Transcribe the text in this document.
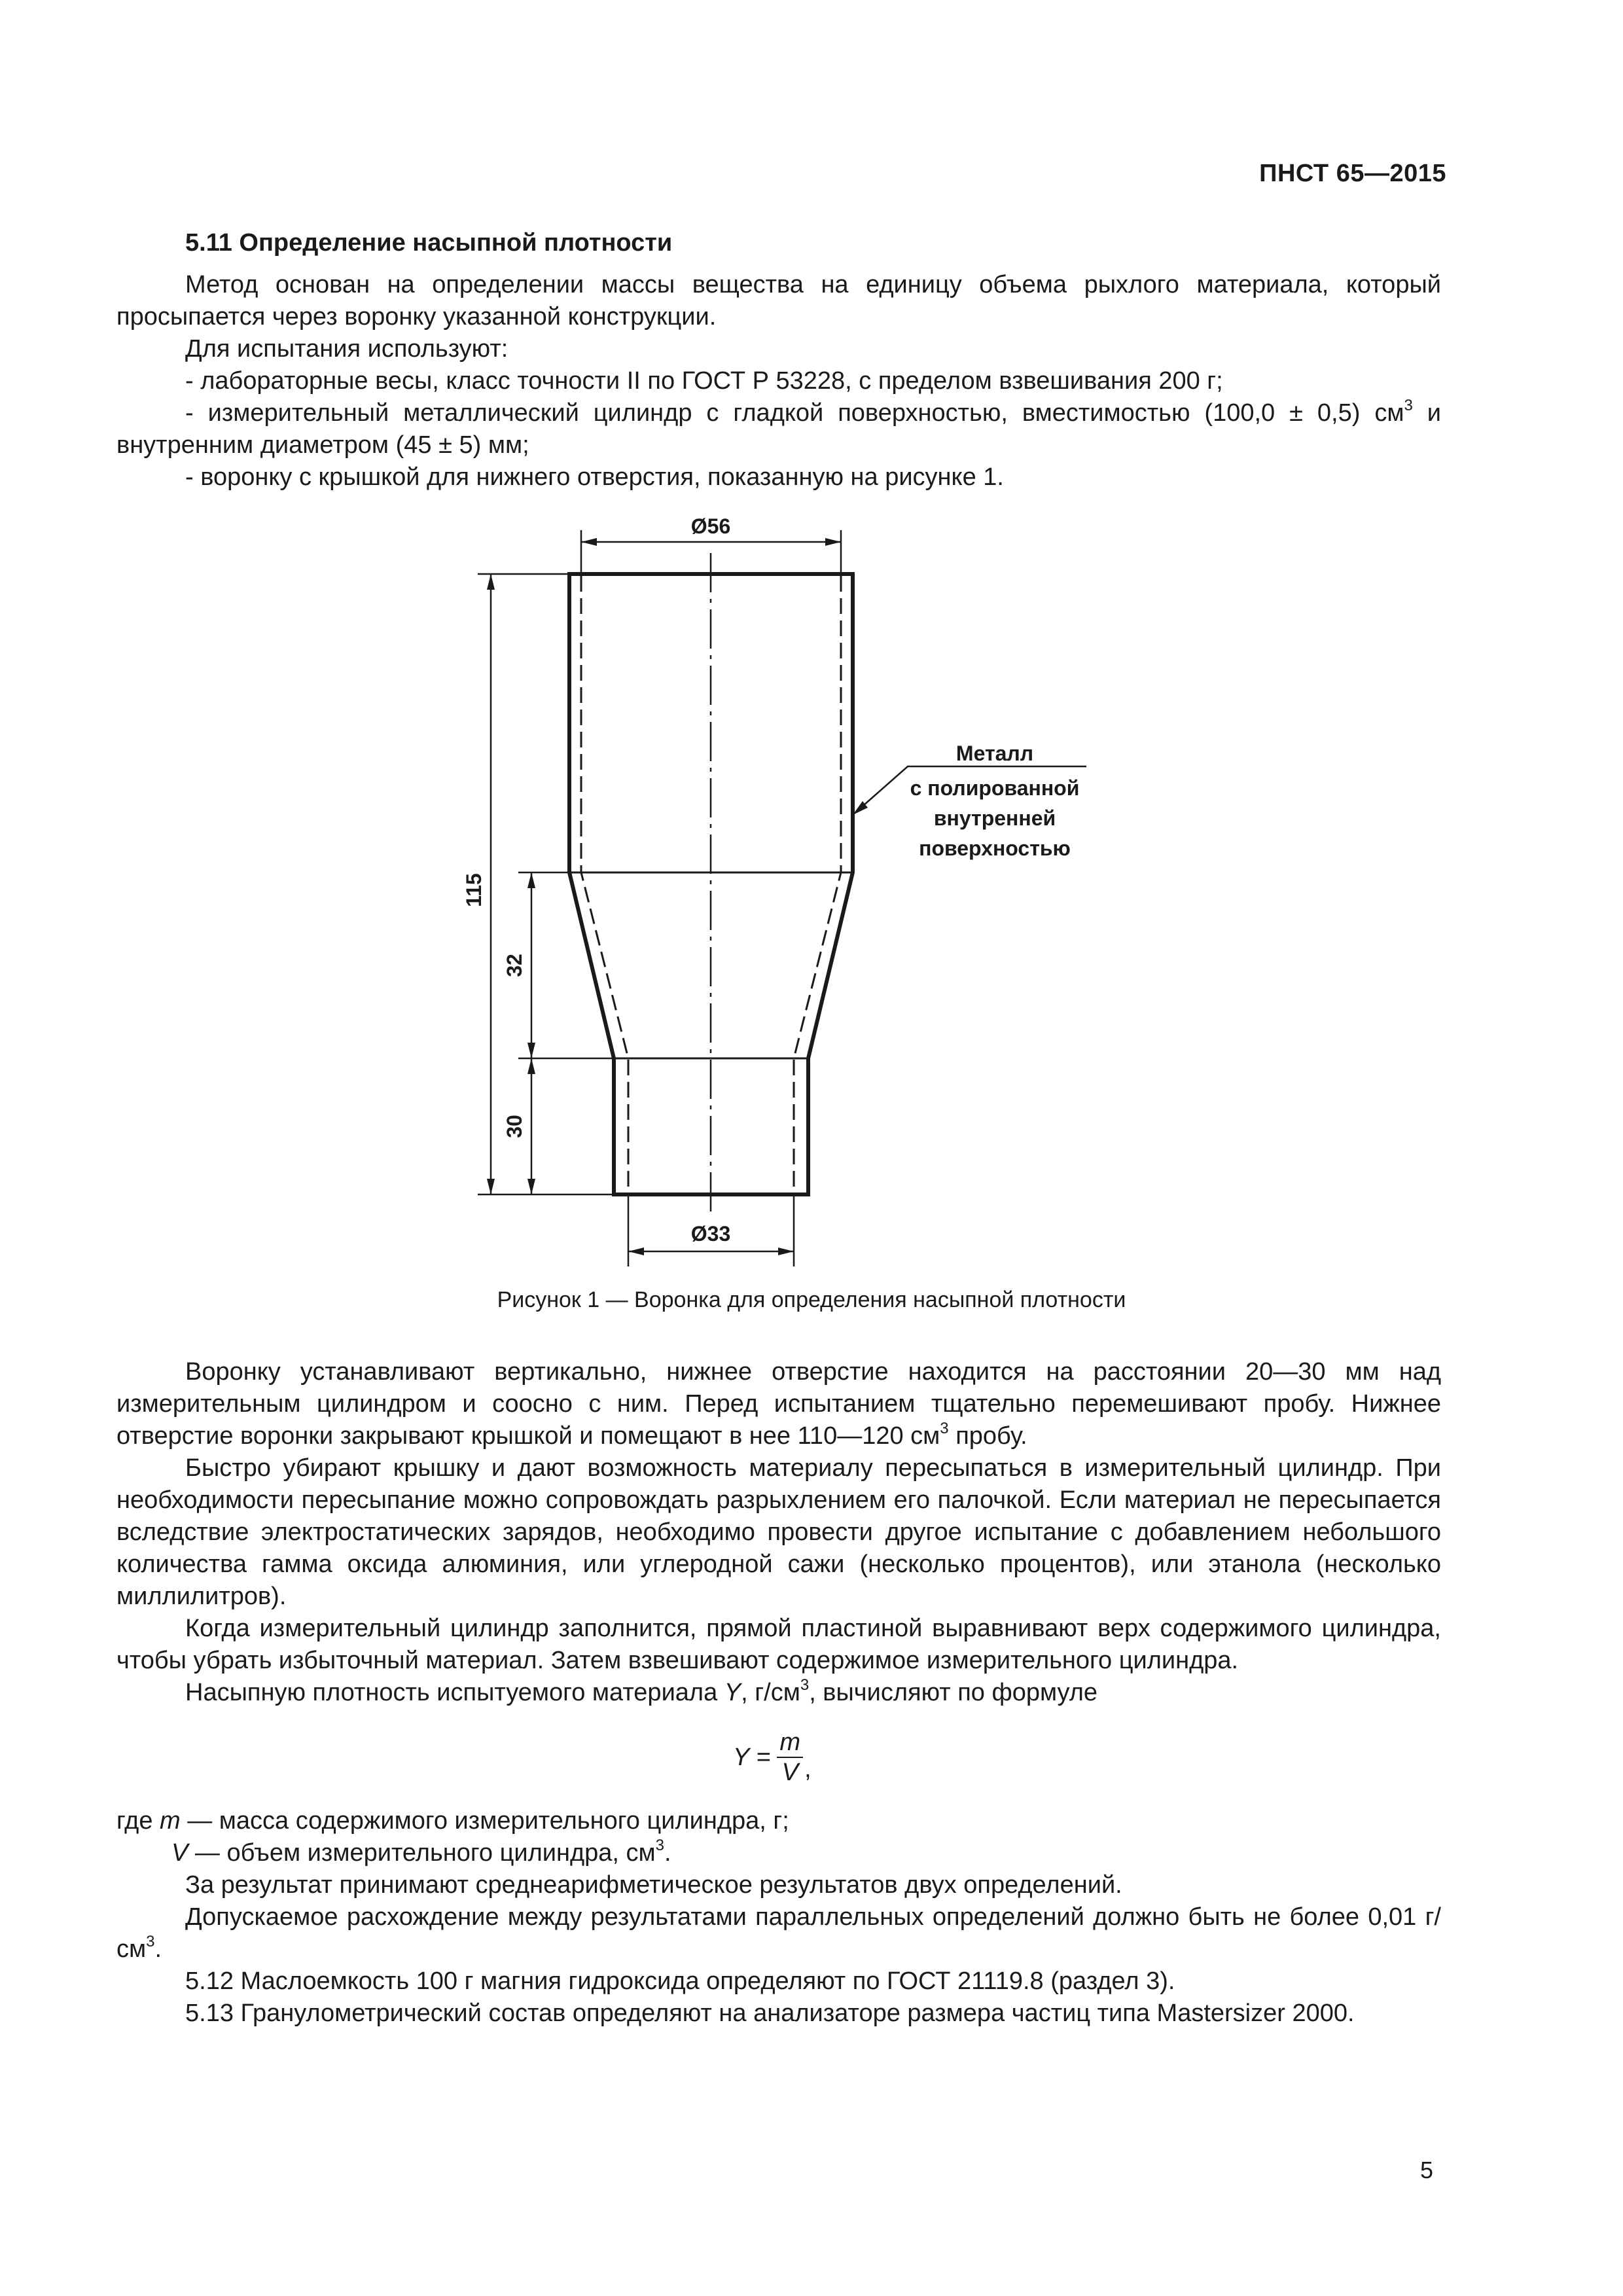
ПНСТ 65—2015
5.11 Определение насыпной плотности

Метод основан на определении массы вещества на единицу объема рыхлого материала, который просыпается через воронку указанной конструкции.

Для испытания используют:

- лабораторные весы, класс точности II по ГОСТ Р 53228, с пределом взвешивания 200 г;

- измерительный металлический цилиндр с гладкой поверхностью, вместимостью (100,0 ± 0,5) $см^3$ и внутренним диаметром (45 ± 5) мм;

- воронку с крышкой для нижнего отверстия, показанную на рисунке 1.

Ø56
Ø33
115
32
30
Металл
с полированной
внутренней
поверхностью
Рисунок 1 — Воронка для определения насыпной плотности

Воронку устанавливают вертикально, нижнее отверстие находится на расстоянии 20—30 мм над измерительным цилиндром и соосно с ним. Перед испытанием тщательно перемешивают пробу. Нижнее отверстие воронки закрывают крышкой и помещают в нее 110—120 $см^3$ пробу.

Быстро убирают крышку и дают возможность материалу пересыпаться в измерительный цилиндр. При необходимости пересыпание можно сопровождать разрыхлением его палочкой. Если материал не пересыпается вследствие электростатических зарядов, необходимо провести другое испытание с добавлением небольшого количества гамма оксида алюминия, или углеродной сажи (несколько процентов), или этанола (несколько миллилитров).

Когда измерительный цилиндр заполнится, прямой пластиной выравнивают верх содержимого цилиндра, чтобы убрать избыточный материал. Затем взвешивают содержимое измерительного цилиндра.

Насыпную плотность испытуемого материала Y, $г/см^3$, вычисляют по формуле

$Y = \frac{m}{V}$ ,

где m — масса содержимого измерительного цилиндра, г;

V — объем измерительного цилиндра, $см^3$.

За результат принимают среднеарифметическое результатов двух определений.

Допускаемое расхождение между результатами параллельных определений должно быть не более 0,01 $г/см^3$.

5.12 Маслоемкость 100 г магния гидроксида определяют по ГОСТ 21119.8 (раздел 3).

5.13 Гранулометрический состав определяют на анализаторе размера частиц типа Mastersizer 2000.

5
